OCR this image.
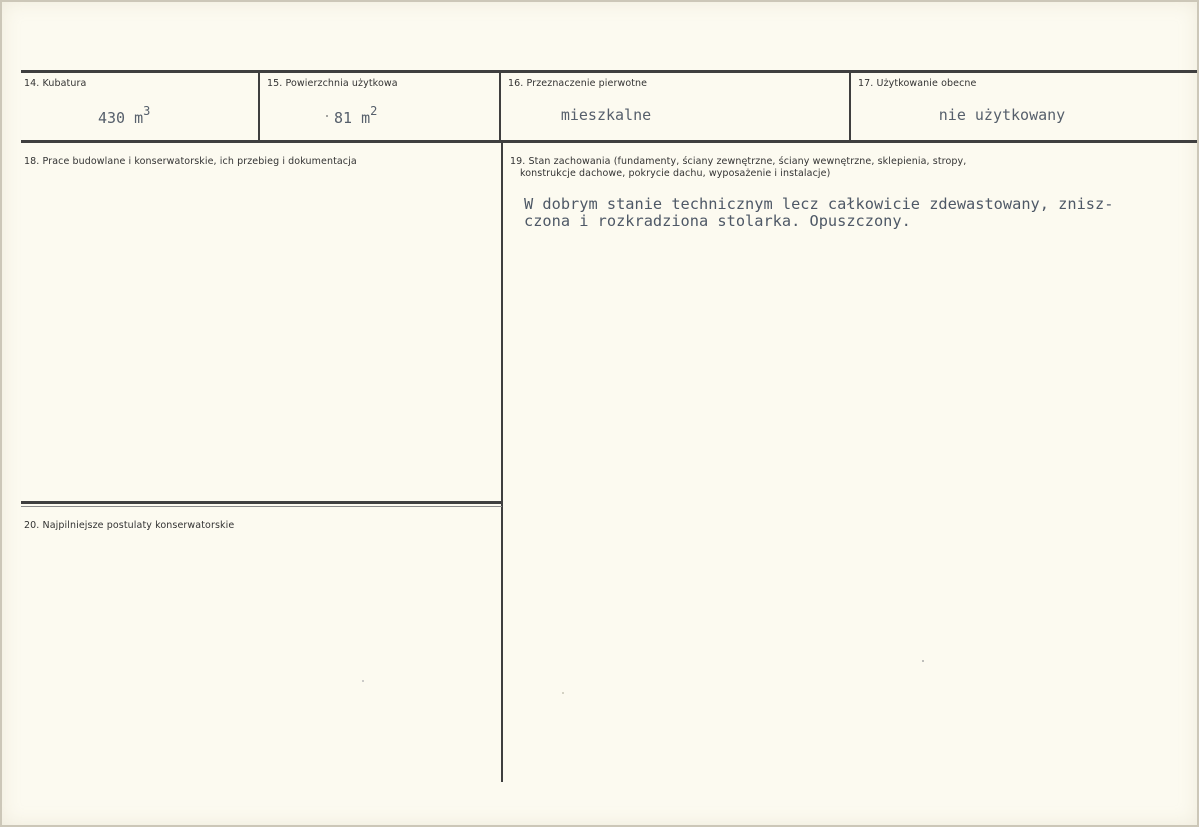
14. Kubatura
430 $m^3$
15. Powierzchnia użytkowa
81 $m^2$
16. Przeznaczenie pierwotne
mieszkalne
17. Użytkowanie obecne
nie użytkowany
18. Prace budowlane i konserwatorskie, ich przebieg i dokumentacja	19. Stan zachowania (fundamenty, ściany zewnętrzne, ściany wewnętrzne, sklepienia, stropy,
konstrukcje dachowe, pokrycie dachu, wyposażenie i instalacje)
W dobrym stanie technicznym lecz całkowicie zdewastowany, znisz-
czona i rozkradziona stolarka. Opuszczony.
20. Najpilniejsze postulaty konserwatorskie
